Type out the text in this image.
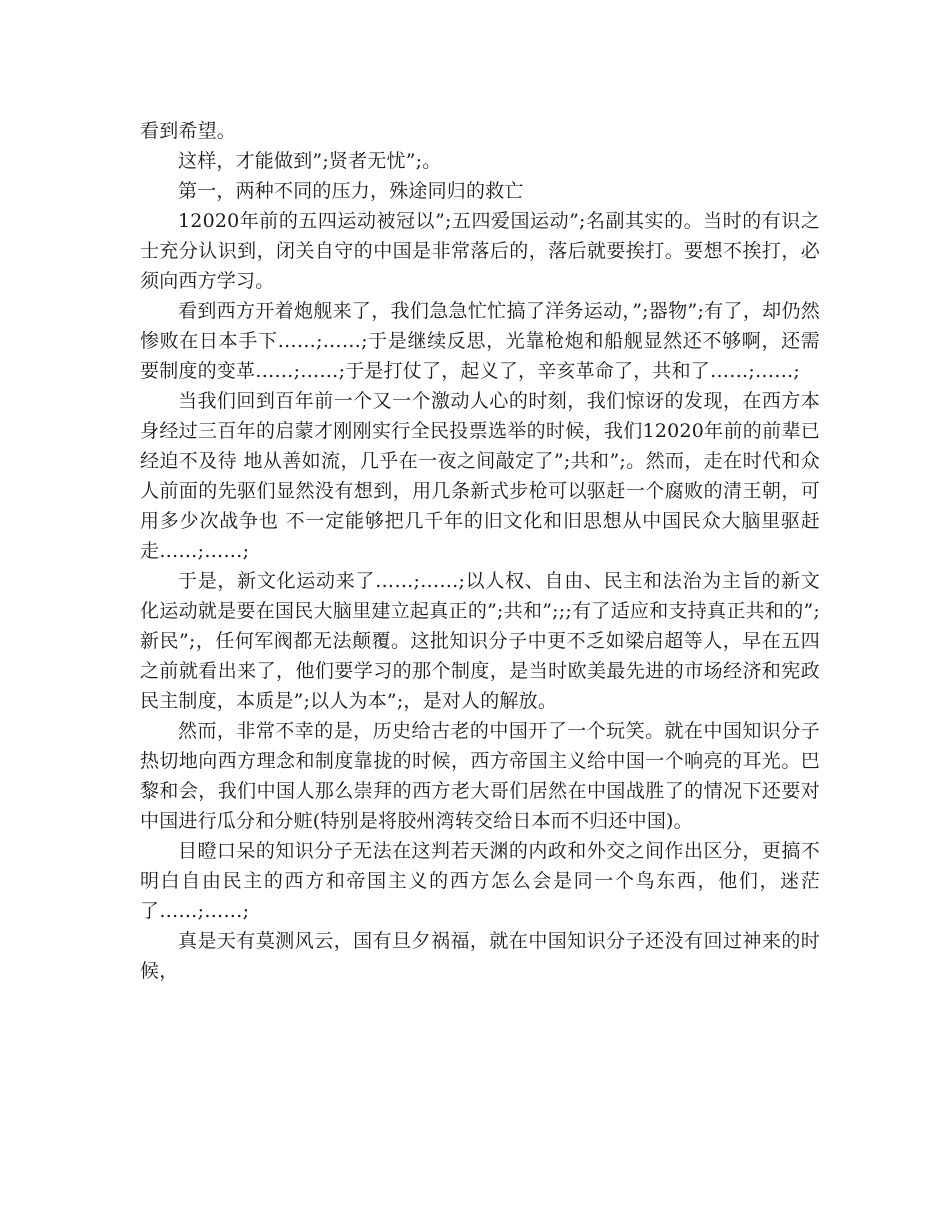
看到希望。

这样，才能做到”;贤者无忧”;。

第一，两种不同的压力，殊途同归的救亡

12020年前的五四运动被冠以”;五四爱国运动”;名副其实的。当时的有识之士充分认识到，闭关自守的中国是非常落后的，落后就要挨打。要想不挨打，必须向西方学习。

看到西方开着炮舰来了，我们急急忙忙搞了洋务运动，”;器物”;有了，却仍然惨败在日本手下……;……;于是继续反思，光靠枪炮和船舰显然还不够啊，还需要制度的变革……;……;于是打仗了，起义了，辛亥革命了，共和了……;……;

当我们回到百年前一个又一个激动人心的时刻，我们惊讶的发现，在西方本身经过三百年的启蒙才刚刚实行全民投票选举的时候，我们12020年前的前辈已经迫不及待 地从善如流，几乎在一夜之间敲定了”;共和”;。然而，走在时代和众人前面的先驱们显然没有想到，用几条新式步枪可以驱赶一个腐败的清王朝，可用多少次战争也 不一定能够把几千年的旧文化和旧思想从中国民众大脑里驱赶走……;……;

于是，新文化运动来了……;……;以人权、自由、民主和法治为主旨的新文化运动就是要在国民大脑里建立起真正的”;共和”;;;有了适应和支持真正共和的”;新民”;，任何军阀都无法颠覆。这批知识分子中更不乏如梁启超等人，早在五四之前就看出来了，他们要学习的那个制度，是当时欧美最先进的市场经济和宪政民主制度，本质是”;以人为本”;，是对人的解放。

然而，非常不幸的是，历史给古老的中国开了一个玩笑。就在中国知识分子热切地向西方理念和制度靠拢的时候，西方帝国主义给中国一个响亮的耳光。巴黎和会，我们中国人那么崇拜的西方老大哥们居然在中国战胜了的情况下还要对中国进行瓜分和分赃(特别是将胶州湾转交给日本而不归还中国)。

目瞪口呆的知识分子无法在这判若天渊的内政和外交之间作出区分，更搞不明白自由民主的西方和帝国主义的西方怎么会是同一个鸟东西，他们，迷茫了……;……;

真是天有莫测风云，国有旦夕祸福，就在中国知识分子还没有回过神来的时候，
